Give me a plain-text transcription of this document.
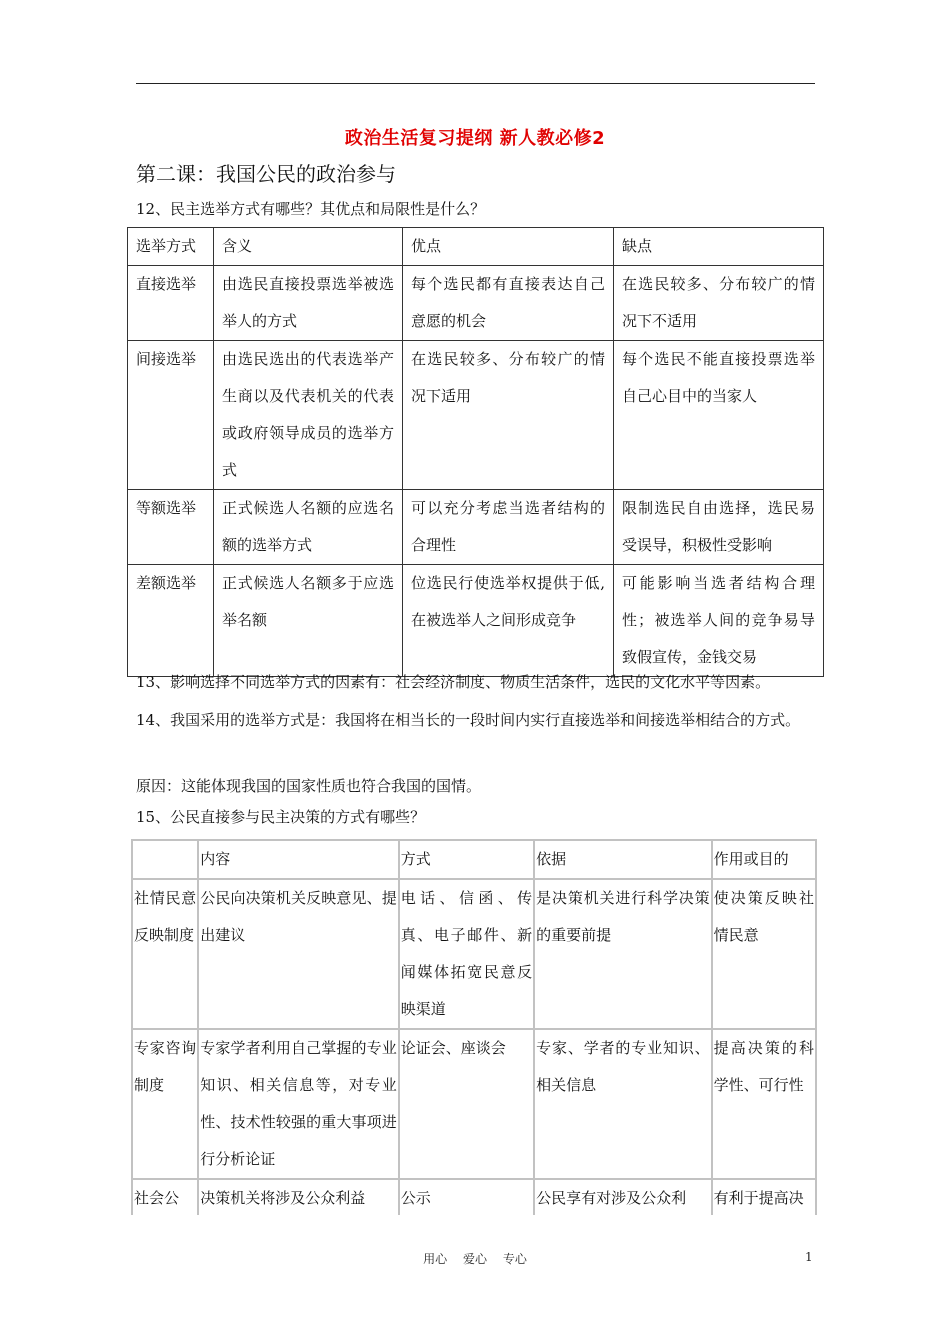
政治生活复习提纲 新人教必修2
第二课：我国公民的政治参与
12、民主选举方式有哪些？其优点和局限性是什么？
选举方式	含义	优点	缺点
直接选举	由选民直接投票选举被选举人的方式	每个选民都有直接表达自己意愿的机会	在选民较多、分布较广的情况下不适用
间接选举	由选民选出的代表选举产生商以及代表机关的代表或政府领导成员的选举方式	在选民较多、分布较广的情况下适用	每个选民不能直接投票选举自己心目中的当家人
等额选举	正式候选人名额的应选名额的选举方式	可以充分考虑当选者结构的合理性	限制选民自由选择，选民易受误导，积极性受影响
差额选举	正式候选人名额多于应选举名额	位选民行使选举权提供于低,在被选举人之间形成竞争	可能影响当选者结构合理性；被选举人间的竞争易导致假宣传，金钱交易
13、影响选择不同选举方式的因素有：社会经济制度、物质生活条件，选民的文化水平等因素。
14、我国采用的选举方式是：我国将在相当长的一段时间内实行直接选举和间接选举相结合的方式。
原因：这能体现我国的国家性质也符合我国的国情。
15、公民直接参与民主决策的方式有哪些？
	内容	方式	依据	作用或目的
社情民意反映制度	公民向决策机关反映意见、提出建议	电话、信函、传真、电子邮件、新闻媒体拓宽民意反映渠道	是决策机关进行科学决策的重要前提	使决策反映社情民意
专家咨询制度	专家学者利用自己掌握的专业知识、相关信息等，对专业性、技术性较强的重大事项进行分析论证	论证会、座谈会	专家、学者的专业知识、相关信息	提高决策的科学性、可行性
社会公	决策机关将涉及公众利益	公示	公民享有对涉及公众利	有利于提高决
用心 爱心 专心	1
